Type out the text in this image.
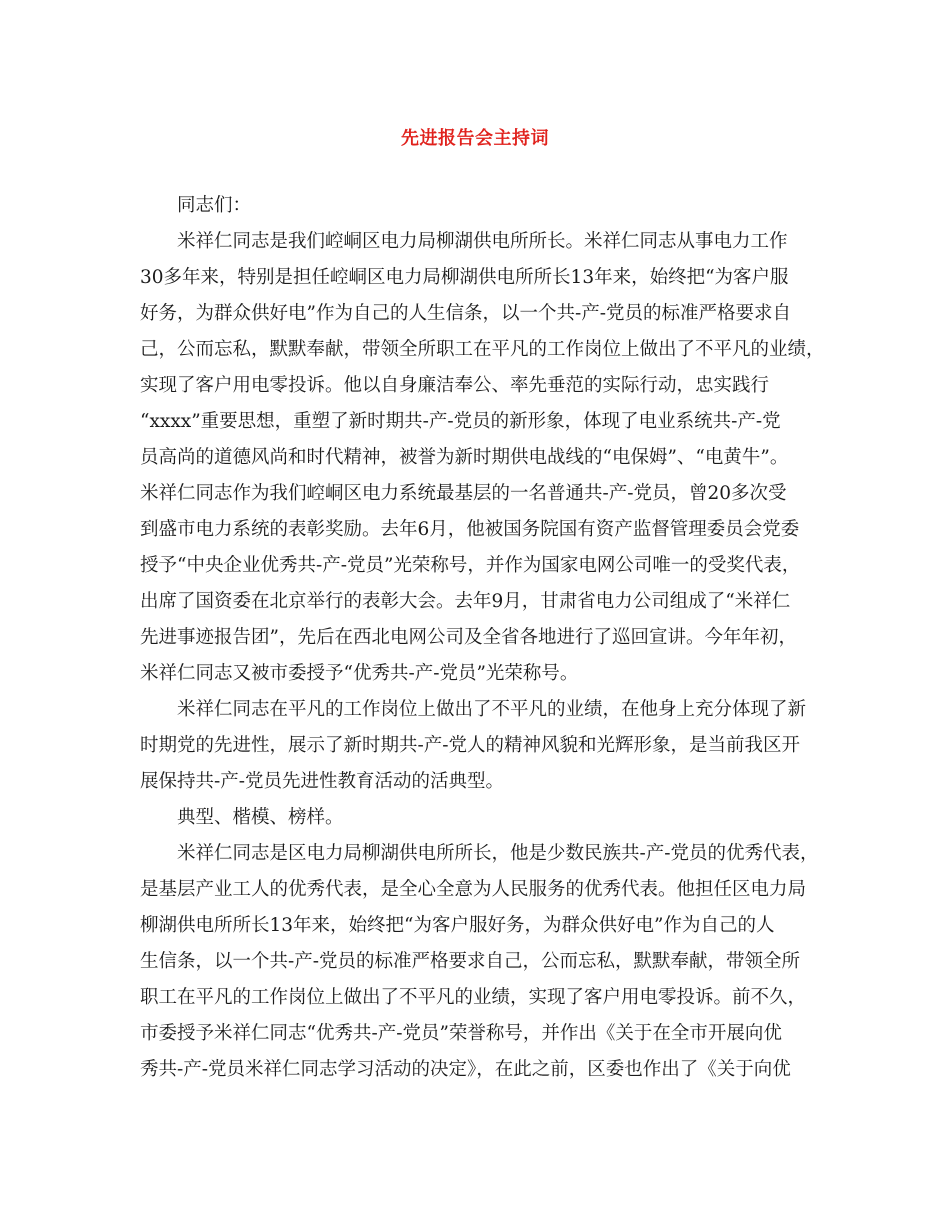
先进报告会主持词
同志们：
米祥仁同志是我们崆峒区电力局柳湖供电所所长。米祥仁同志从事电力工作
30多年来，特别是担任崆峒区电力局柳湖供电所所长13年来，始终把“为客户服
好务，为群众供好电”作为自己的人生信条，以一个共-产-党员的标准严格要求自
己，公而忘私，默默奉献，带领全所职工在平凡的工作岗位上做出了不平凡的业绩，
实现了客户用电零投诉。他以自身廉洁奉公、率先垂范的实际行动，忠实践行
“xxxx”重要思想，重塑了新时期共-产-党员的新形象，体现了电业系统共-产-党
员高尚的道德风尚和时代精神，被誉为新时期供电战线的“电保姆”、“电黄牛”。
米祥仁同志作为我们崆峒区电力系统最基层的一名普通共-产-党员，曾20多次受
到盛市电力系统的表彰奖励。去年6月，他被国务院国有资产监督管理委员会党委
授予“中央企业优秀共-产-党员”光荣称号，并作为国家电网公司唯一的受奖代表，
出席了国资委在北京举行的表彰大会。去年9月，甘肃省电力公司组成了“米祥仁
先进事迹报告团”，先后在西北电网公司及全省各地进行了巡回宣讲。今年年初，
米祥仁同志又被市委授予“优秀共-产-党员”光荣称号。
米祥仁同志在平凡的工作岗位上做出了不平凡的业绩，在他身上充分体现了新
时期党的先进性，展示了新时期共-产-党人的精神风貌和光辉形象，是当前我区开
展保持共-产-党员先进性教育活动的活典型。
典型、楷模、榜样。
米祥仁同志是区电力局柳湖供电所所长，他是少数民族共-产-党员的优秀代表，
是基层产业工人的优秀代表，是全心全意为人民服务的优秀代表。他担任区电力局
柳湖供电所所长13年来，始终把“为客户服好务，为群众供好电”作为自己的人
生信条，以一个共-产-党员的标准严格要求自己，公而忘私，默默奉献，带领全所
职工在平凡的工作岗位上做出了不平凡的业绩，实现了客户用电零投诉。前不久，
市委授予米祥仁同志“优秀共-产-党员”荣誉称号，并作出《关于在全市开展向优
秀共-产-党员米祥仁同志学习活动的决定》，在此之前，区委也作出了《关于向优
